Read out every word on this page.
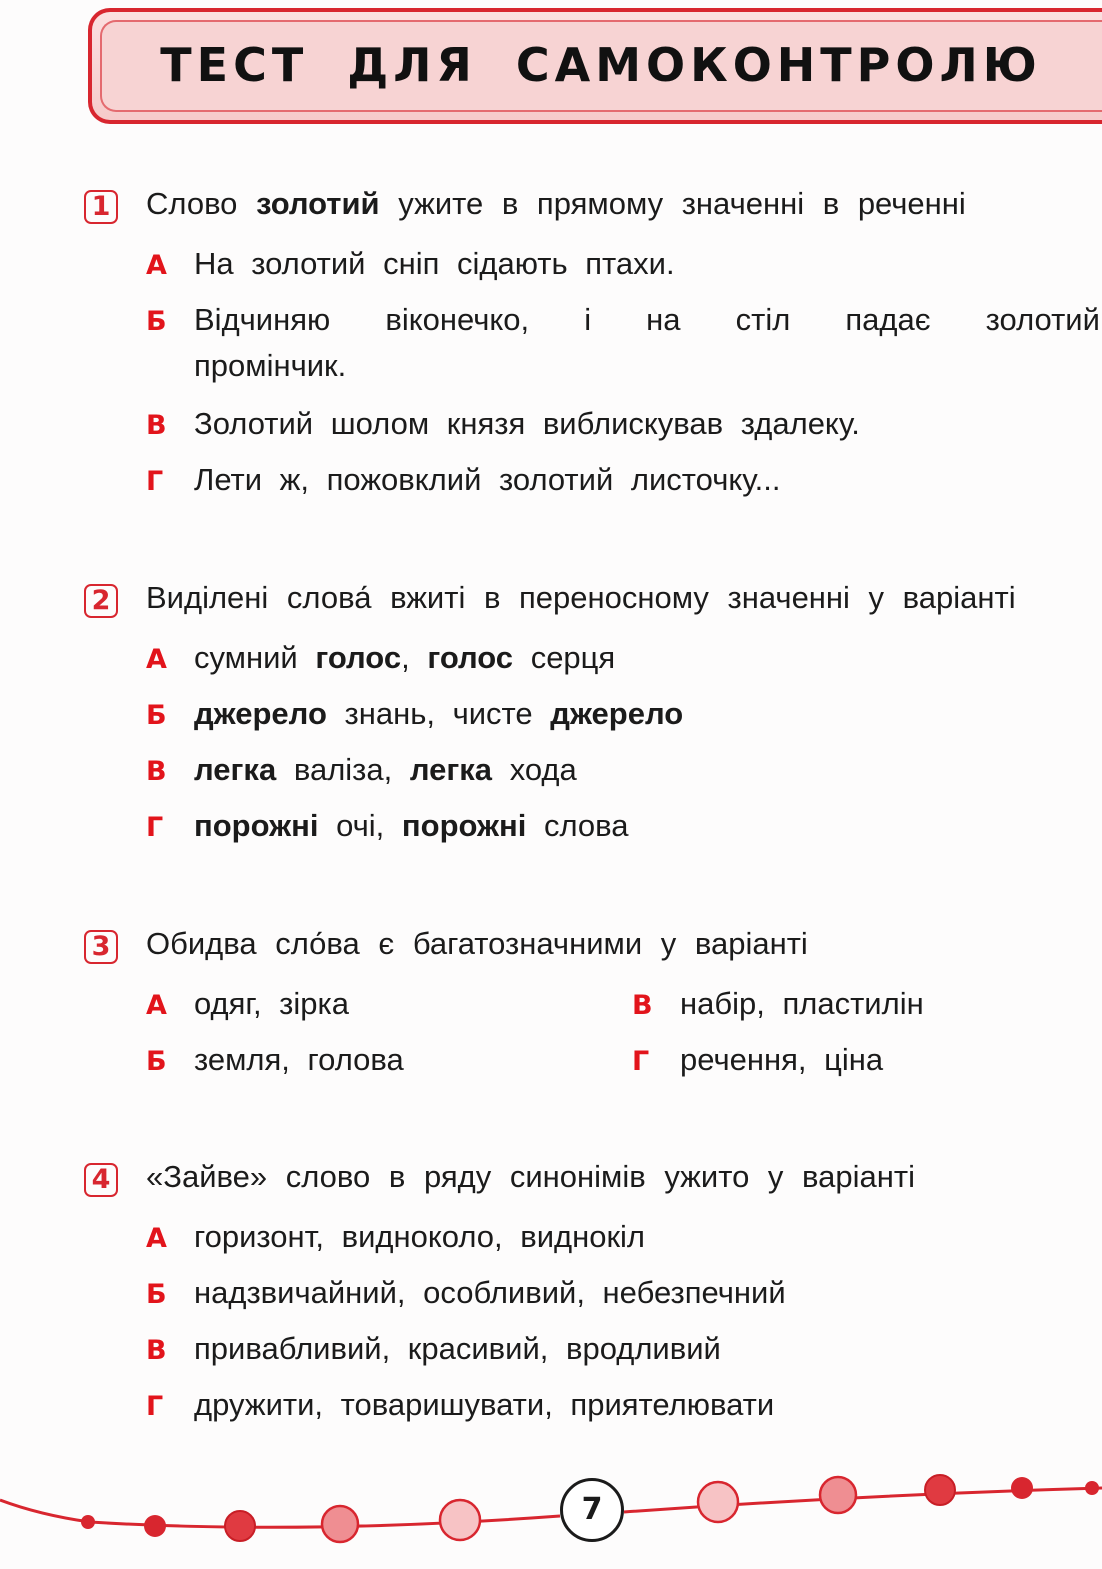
ТЕСТ ДЛЯ САМОКОНТРОЛЮ
1 Слово золотий ужите в прямому значенні в реченні
А На золотий сніп сідають птахи.
Б Відчиняю віконечко, і на стіл падає золотий
промінчик.
В Золотий шолом князя виблискував здалеку.
Г Лети ж, пожовклий золотий листочку...
2 Виділені слова́ вжиті в переносному значенні у варіанті
А сумний голос, голос серця
Б джерело знань, чисте джерело
В легка валіза, легка хода
Г порожні очі, порожні слова
3 Обидва сло́ва є багатозначними у варіанті
А одяг, зірка
Б земля, голова
В набір, пластилін
Г речення, ціна
4 «Зайве» слово в ряду синонімів ужито у варіанті
А горизонт, видноколо, виднокіл
Б надзвичайний, особливий, небезпечний
В привабливий, красивий, вродливий
Г дружити, товаришувати, приятелювати
7
